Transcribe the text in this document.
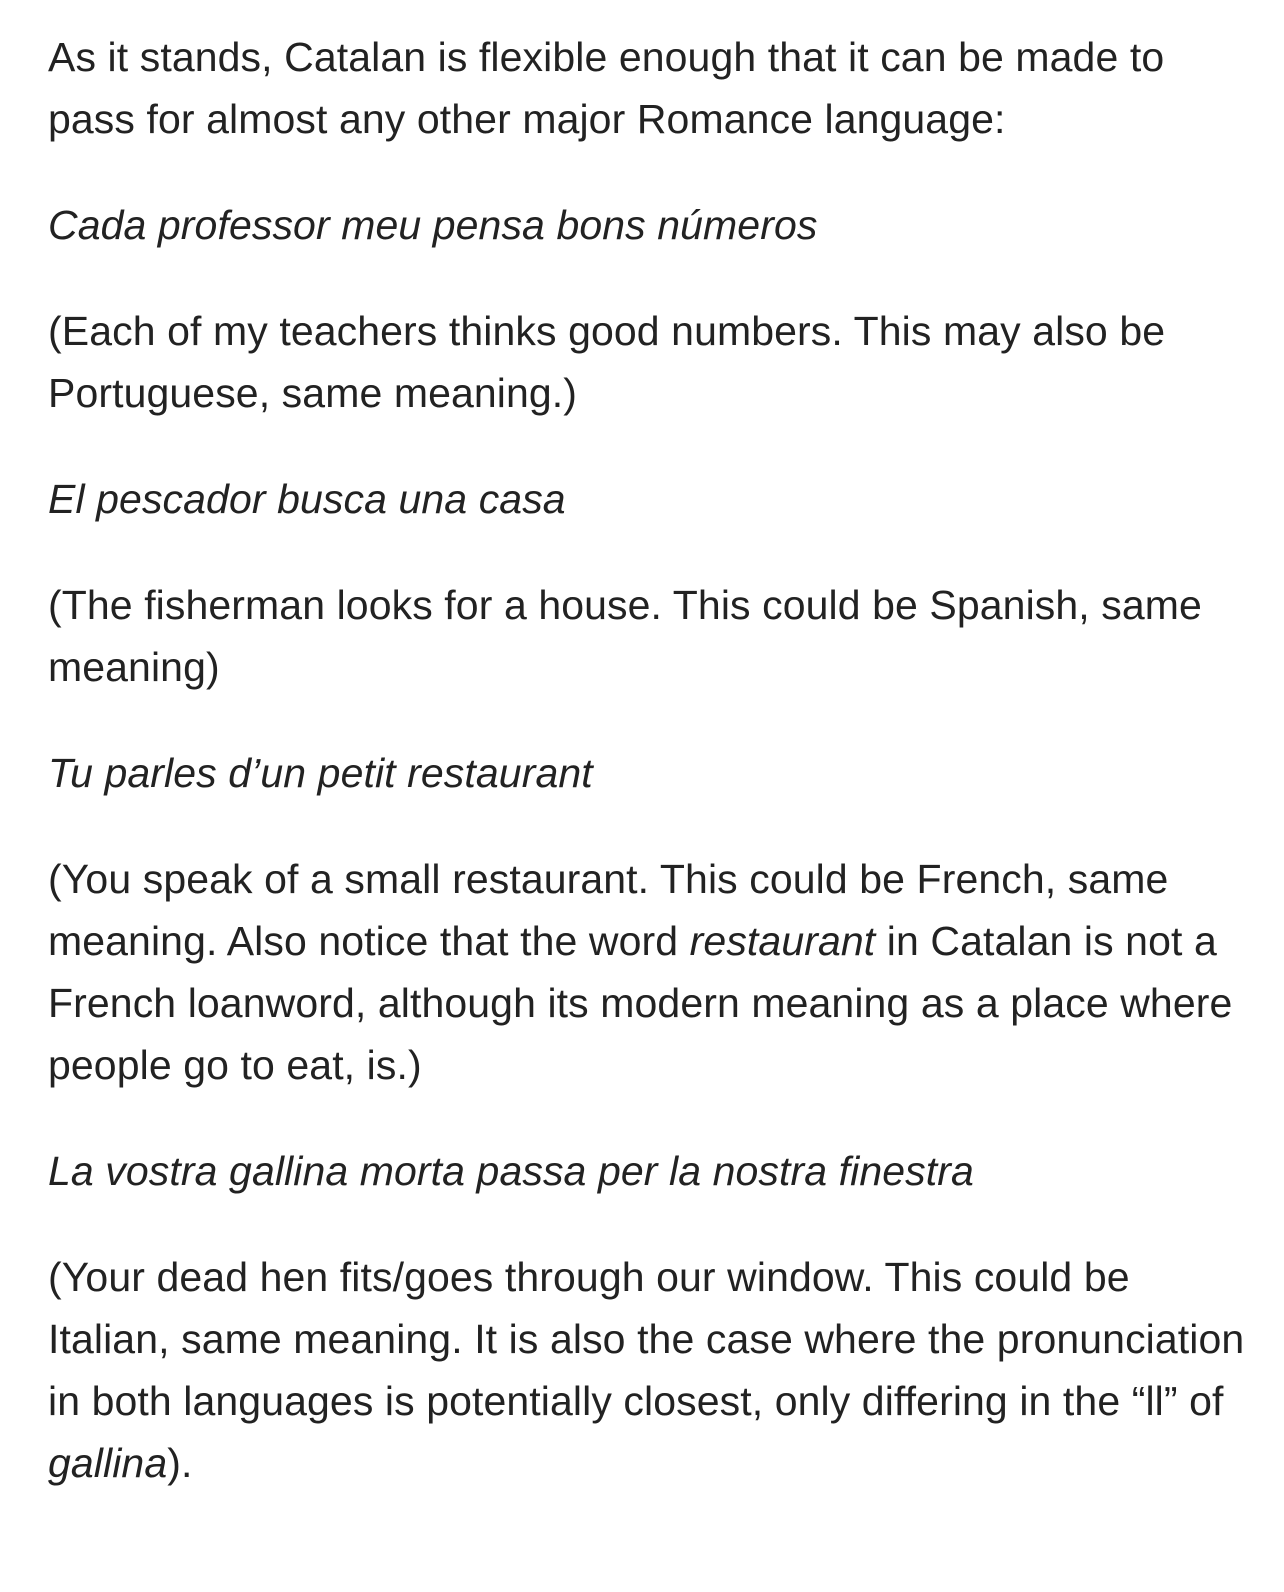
As it stands, Catalan is flexible enough that it can be made to pass for almost any other major Romance language:

Cada professor meu pensa bons números

(Each of my teachers thinks good numbers. This may also be Portuguese, same meaning.)

El pescador busca una casa

(The fisherman looks for a house. This could be Spanish, same meaning)

Tu parles d’un petit restaurant

(You speak of a small restaurant. This could be French, same meaning. Also notice that the word restaurant in Catalan is not a French loanword, although its modern meaning as a place where people go to eat, is.)

La vostra gallina morta passa per la nostra finestra

(Your dead hen fits/goes through our window. This could be Italian, same meaning. It is also the case where the pronunciation in both languages is potentially closest, only differing in the “ll” of gallina).
